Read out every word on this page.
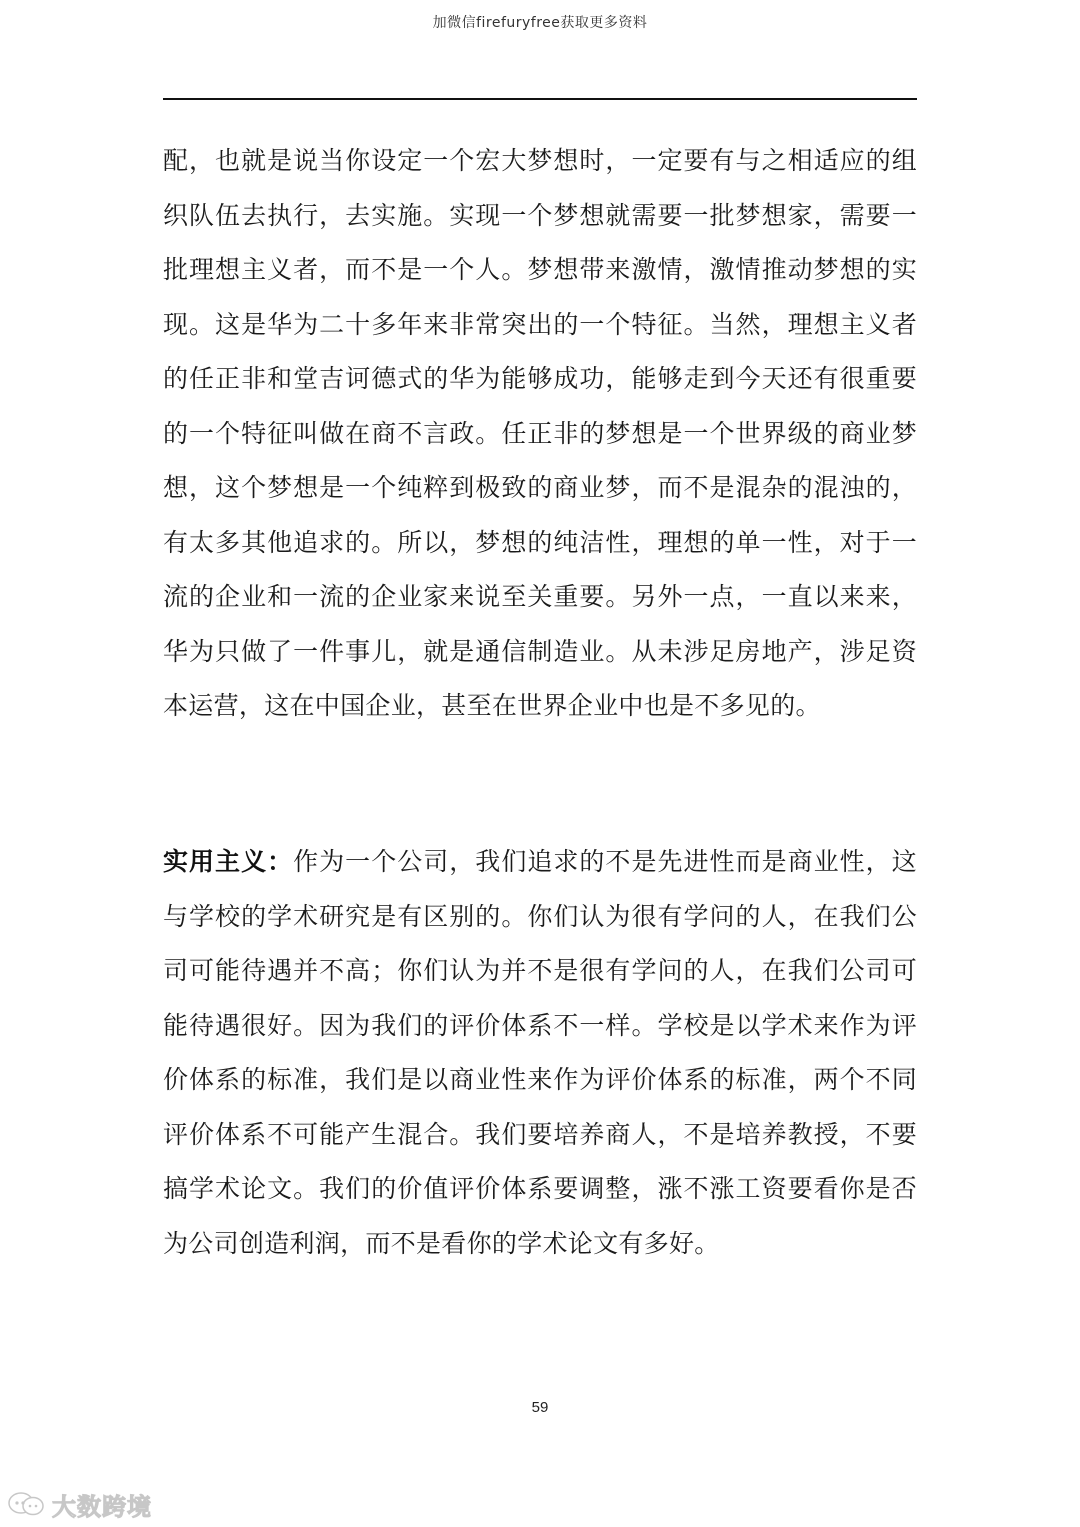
加微信firefuryfree获取更多资料
配，也就是说当你设定一个宏大梦想时，一定要有与之相适应的组织队伍去执行，去实施。实现一个梦想就需要一批梦想家，需要一批理想主义者，而不是一个人。梦想带来激情，激情推动梦想的实现。这是华为二十多年来非常突出的一个特征。当然，理想主义者的任正非和堂吉诃德式的华为能够成功，能够走到今天还有很重要的一个特征叫做在商不言政。任正非的梦想是一个世界级的商业梦想，这个梦想是一个纯粹到极致的商业梦，而不是混杂的混浊的，有太多其他追求的。所以，梦想的纯洁性，理想的单一性，对于一流的企业和一流的企业家来说至关重要。另外一点，一直以来来，华为只做了一件事儿，就是通信制造业。从未涉足房地产，涉足资本运营，这在中国企业，甚至在世界企业中也是不多见的。
实用主义：作为一个公司，我们追求的不是先进性而是商业性，这与学校的学术研究是有区别的。你们认为很有学问的人，在我们公司可能待遇并不高；你们认为并不是很有学问的人，在我们公司可能待遇很好。因为我们的评价体系不一样。学校是以学术来作为评价体系的标准，我们是以商业性来作为评价体系的标准，两个不同评价体系不可能产生混合。我们要培养商人，不是培养教授，不要搞学术论文。我们的价值评价体系要调整，涨不涨工资要看你是否为公司创造利润，而不是看你的学术论文有多好。
59
大数跨境
